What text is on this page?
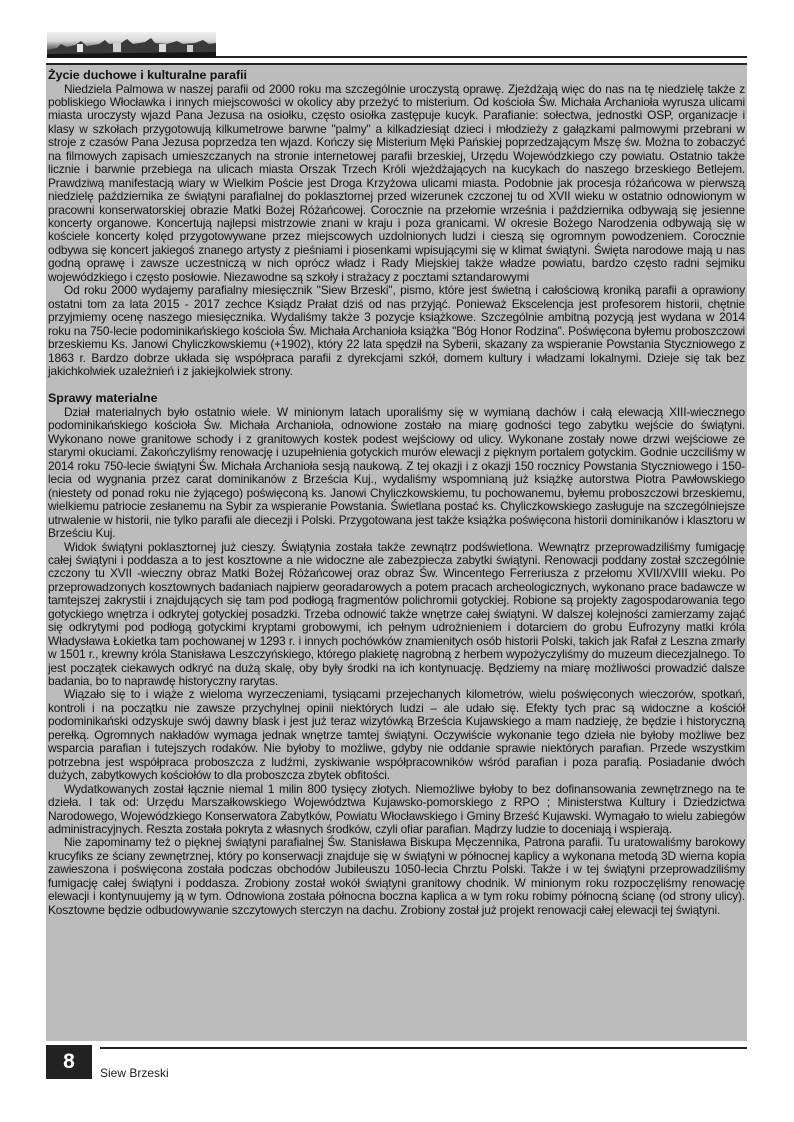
Życie duchowe i kulturalne parafii

Niedziela Palmowa w naszej parafii od 2000 roku ma szczególnie uroczystą oprawę. Zjeżdżają więc do nas na tę niedzielę także z pobliskiego Włocławka i innych miejscowości w okolicy aby przeżyć to misterium. Od kościoła Św. Michała Archanioła wyrusza ulicami miasta uroczysty wjazd Pana Jezusa na osiołku, często osiołka zastępuje kucyk. Parafianie: sołectwa, jednostki OSP, organizacje i klasy w szkołach przygotowują kilkumetrowe barwne "palmy" a kilkadziesiąt dzieci i młodzieży z gałązkami palmowymi przebrani w stroje z czasów Pana Jezusa poprzedza ten wjazd. Kończy się Misterium Męki Pańskiej poprzedzającym Mszę św. Można to zobaczyć na filmowych zapisach umieszczanych na stronie internetowej parafii brzeskiej, Urzędu Wojewódzkiego czy powiatu. Ostatnio także licznie i barwnie przebiega na ulicach miasta Orszak Trzech Króli wjeżdżających na kucykach do naszego brzeskiego Betlejem. Prawdziwą manifestacją wiary w Wielkim Poście jest Droga Krzyżowa ulicami miasta. Podobnie jak procesja różańcowa w pierwszą niedzielę października ze świątyni parafialnej do poklasztornej przed wizerunek czczonej tu od XVII wieku w ostatnio odnowionym w pracowni konserwatorskiej obrazie Matki Bożej Różańcowej. Corocznie na przełomie września i października odbywają się jesienne koncerty organowe. Koncertują najlepsi mistrzowie znani w kraju i poza granicami. W okresie Bożego Narodzenia odbywają się w kościele koncerty kolęd przygotowywane przez miejscowych uzdolnionych ludzi i cieszą się ogromnym powodzeniem. Corocznie odbywa się koncert jakiegoś znanego artysty z pieśniami i piosenkami wpisującymi się w klimat świątyni. Święta narodowe mają u nas godną oprawę i zawsze uczestniczą w nich oprócz władz i Rady Miejskiej także władze powiatu, bardzo często radni sejmiku wojewódzkiego i często posłowie. Niezawodne są szkoły i strażacy z pocztami sztandarowymi

Od roku 2000 wydajemy parafialny miesięcznik "Siew Brzeski", pismo, które jest świetną i całościową kroniką parafii a oprawiony ostatni tom za lata 2015 - 2017 zechce Ksiądz Prałat dziś od nas przyjąć. Ponieważ Ekscelencja jest profesorem historii, chętnie przyjmiemy ocenę naszego miesięcznika. Wydaliśmy także 3 pozycje książkowe. Szczególnie ambitną pozycją jest wydana w 2014 roku na 750-lecie podominikańskiego kościoła Św. Michała Archanioła książka "Bóg Honor Rodzina". Poświęcona byłemu proboszczowi brzeskiemu Ks. Janowi Chyliczkowskiemu (+1902), który 22 lata spędził na Syberii, skazany za wspieranie Powstania Styczniowego z 1863 r. Bardzo dobrze układa się współpraca parafii z dyrekcjami szkół, domem kultury i władzami lokalnymi. Dzieje się tak bez jakichkolwiek uzależnień i z jakiejkolwiek strony.

Sprawy materialne

Dział materialnych było ostatnio wiele. W minionym latach uporaliśmy się w wymianą dachów i całą elewacją XIII-wiecznego podominikańskiego kościoła Św. Michała Archanioła, odnowione zostało na miarę godności tego zabytku wejście do świątyni. Wykonano nowe granitowe schody i z granitowych kostek podest wejściowy od ulicy. Wykonane zostały nowe drzwi wejściowe ze starymi okuciami. Zakończyliśmy renowację i uzupełnienia gotyckich murów elewacji z pięknym portalem gotyckim. Godnie uczciliśmy w 2014 roku 750-lecie świątyni Św. Michała Archanioła sesją naukową. Z tej okazji i z okazji 150 rocznicy Powstania Styczniowego i 150-lecia od wygnania przez carat dominikanów z Brześcia Kuj., wydaliśmy wspomnianą już książkę autorstwa Piotra Pawłowskiego (niestety od ponad roku nie żyjącego) poświęconą ks. Janowi Chyliczkowskiemu, tu pochowanemu, byłemu proboszczowi brzeskiemu, wielkiemu patriocie zesłanemu na Sybir za wspieranie Powstania. Świetlana postać ks. Chyliczkowskiego zasługuje na szczególniejsze utrwalenie w historii, nie tylko parafii ale diecezji i Polski. Przygotowana jest także książka poświęcona historii dominikanów i klasztoru w Brześciu Kuj.

Widok świątyni poklasztornej już cieszy. Świątynia została także zewnątrz podświetlona. Wewnątrz przeprowadziliśmy fumigację całej świątyni i poddasza a to jest kosztowne a nie widoczne ale zabezpiecza zabytki świątyni. Renowacji poddany został szczególnie czczony tu XVII -wieczny obraz Matki Bożej Różańcowej oraz obraz Św. Wincentego Ferreriusza z przełomu XVII/XVIII wieku. Po przeprowadzonych kosztownych badaniach najpierw georadarowych a potem pracach archeologicznych, wykonano prace badawcze w tamtejszej zakrystii i znajdujących się tam pod podłogą fragmentów polichromii gotyckiej. Robione są projekty zagospodarowania tego gotyckiego wnętrza i odkrytej gotyckiej posadzki. Trzeba odnowić także wnętrze całej świątyni. W dalszej kolejności zamierzamy zająć się odkrytymi pod podłogą gotyckimi kryptami grobowymi, ich pełnym udrożnieniem i dotarciem do grobu Eufrozyny matki króla Władysława Łokietka tam pochowanej w 1293 r. i innych pochówków znamienitych osób historii Polski, takich jak Rafał z Leszna zmarły w 1501 r., krewny króla Stanisława Leszczyńskiego, którego plakietę nagrobną z herbem wypożyczyliśmy do muzeum diecezjalnego. To jest początek ciekawych odkryć na dużą skalę, oby były środki na ich kontynuację. Będziemy na miarę możliwości prowadzić dalsze badania, bo to naprawdę historyczny rarytas.

Wiązało się to i wiąże z wieloma wyrzeczeniami, tysiącami przejechanych kilometrów, wielu poświęconych wieczorów, spotkań, kontroli i na początku nie zawsze przychylnej opinii niektórych ludzi – ale udało się. Efekty tych prac są widoczne a kościół podominikański odzyskuje swój dawny blask i jest już teraz wizytówką Brześcia Kujawskiego a mam nadzieję, że będzie i historyczną perełką. Ogromnych nakładów wymaga jednak wnętrze tamtej świątyni. Oczywiście wykonanie tego dzieła nie byłoby możliwe bez wsparcia parafian i tutejszych rodaków. Nie byłoby to możliwe, gdyby nie oddanie sprawie niektórych parafian. Przede wszystkim potrzebna jest współpraca proboszcza z ludźmi, zyskiwanie współpracowników wśród parafian i poza parafią. Posiadanie dwóch dużych, zabytkowych kościołów to dla proboszcza zbytek obfitości.

Wydatkowanych został łącznie niemal 1 milin 800 tysięcy złotych. Niemożliwe byłoby to bez dofinansowania zewnętrznego na te dzieła. I tak od: Urzędu Marszałkowskiego Województwa Kujawsko-pomorskiego z RPO ; Ministerstwa Kultury i Dziedzictwa Narodowego, Wojewódzkiego Konserwatora Zabytków, Powiatu Włocławskiego i Gminy Brześć Kujawski. Wymagało to wielu zabiegów administracyjnych. Reszta została pokryta z własnych środków, czyli ofiar parafian. Mądrzy ludzie to doceniają i wspierają.

Nie zapominamy też o pięknej świątyni parafialnej Św. Stanisława Biskupa Męczennika, Patrona parafii. Tu uratowaliśmy barokowy krucyfiks ze ściany zewnętrznej, który po konserwacji znajduje się w świątyni w północnej kaplicy a wykonana metodą 3D wierna kopia zawieszona i poświęcona została podczas obchodów Jubileuszu 1050-lecia Chrztu Polski. Także i w tej świątyni przeprowadziliśmy fumigację całej świątyni i poddasza. Zrobiony został wokół świątyni granitowy chodnik. W minionym roku rozpoczęliśmy renowację elewacji i kontynuujemy ją w tym. Odnowiona została północna boczna kaplica a w tym roku robimy północną ścianę (od strony ulicy). Kosztowne będzie odbudowywanie szczytowych sterczyn na dachu. Zrobiony został już projekt renowacji całej elewacji tej świątyni.

8	Siew Brzeski
